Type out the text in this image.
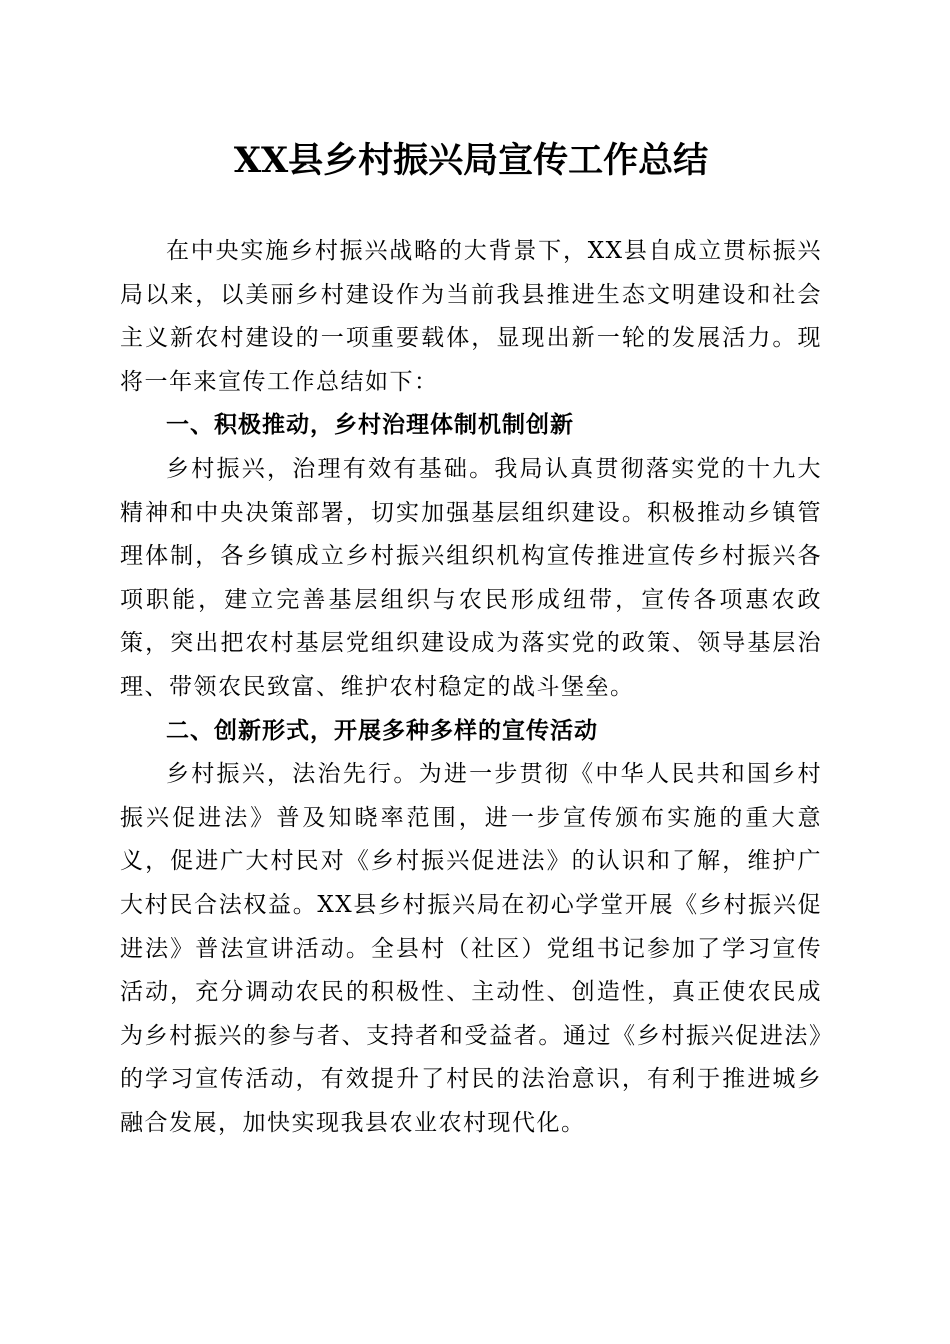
XX县乡村振兴局宣传工作总结

在中央实施乡村振兴战略的大背景下，XX县自成立贯标振兴局以来，以美丽乡村建设作为当前我县推进生态文明建设和社会主义新农村建设的一项重要载体，显现出新一轮的发展活力。现将一年来宣传工作总结如下：

一、积极推动，乡村治理体制机制创新

乡村振兴，治理有效有基础。我局认真贯彻落实党的十九大精神和中央决策部署，切实加强基层组织建设。积极推动乡镇管理体制，各乡镇成立乡村振兴组织机构宣传推进宣传乡村振兴各项职能，建立完善基层组织与农民形成纽带，宣传各项惠农政策，突出把农村基层党组织建设成为落实党的政策、领导基层治理、带领农民致富、维护农村稳定的战斗堡垒。

二、创新形式，开展多种多样的宣传活动

乡村振兴，法治先行。为进一步贯彻《中华人民共和国乡村振兴促进法》普及知晓率范围，进一步宣传颁布实施的重大意义，促进广大村民对《乡村振兴促进法》的认识和了解，维护广大村民合法权益。XX县乡村振兴局在初心学堂开展《乡村振兴促进法》普法宣讲活动。全县村（社区）党组书记参加了学习宣传活动，充分调动农民的积极性、主动性、创造性，真正使农民成为乡村振兴的参与者、支持者和受益者。通过《乡村振兴促进法》的学习宣传活动，有效提升了村民的法治意识，有利于推进城乡融合发展，加快实现我县农业农村现代化。
